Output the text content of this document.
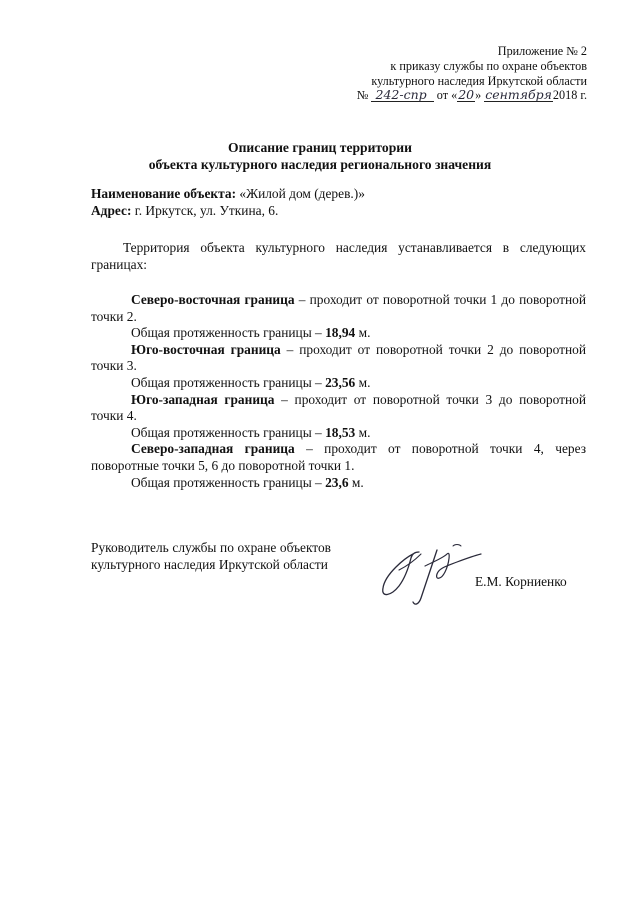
Приложение № 2
к приказу службы по охране объектов
культурного наследия Иркутской области
№ 242-спр от «20» сентября2018 г.
Описание границ территории
объекта культурного наследия регионального значения
Наименование объекта: «Жилой дом (дерев.)»
Адрес: г. Иркутск, ул. Уткина, 6.

Территория объекта культурного наследия устанавливается в следующих границах:

Северо-восточная граница – проходит от поворотной точки 1 до поворотной точки 2.

Общая протяженность границы – 18,94 м.

Юго-восточная граница – проходит от поворотной точки 2 до поворотной точки 3.

Общая протяженность границы – 23,56 м.

Юго-западная граница – проходит от поворотной точки 3 до поворотной точки 4.

Общая протяженность границы – 18,53 м.

Северо-западная граница – проходит от поворотной точки 4, через поворотные точки 5, 6 до поворотной точки 1.

Общая протяженность границы – 23,6 м.

Руководитель службы по охране объектов культурного наследия Иркутской области
Е.М. Корниенко
